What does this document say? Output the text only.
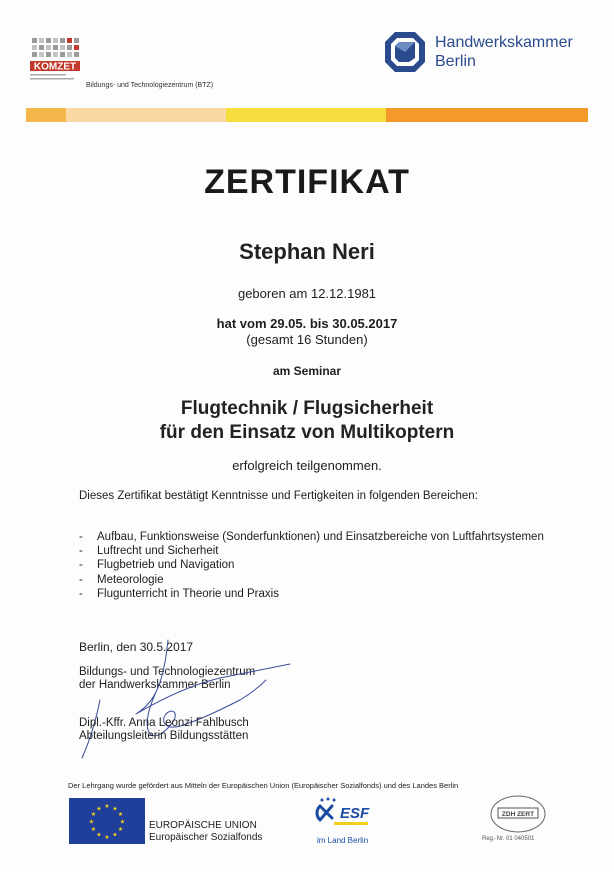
KOMZET
Bildungs- und Technologiezentrum (BTZ)
Handwerkskammer
Berlin
ZERTIFIKAT
Stephan Neri
geboren am 12.12.1981
hat vom 29.05. bis 30.05.2017
(gesamt 16 Stunden)
am Seminar
Flugtechnik / Flugsicherheit
für den Einsatz von Multikoptern
erfolgreich teilgenommen.
Dieses Zertifikat bestätigt Kenntnisse und Fertigkeiten in folgenden Bereichen:
- Aufbau, Funktionsweise (Sonderfunktionen) und Einsatzbereiche von Luftfahrtsystemen
- Luftrecht und Sicherheit
- Flugbetrieb und Navigation
- Meteorologie
- Flugunterricht in Theorie und Praxis
Berlin, den 30.5.2017
Bildungs- und Technologiezentrum
der Handwerkskammer Berlin
Dipl.-Kffr. Anna Leonzi Fahlbusch
Abteilungsleiterin Bildungsstätten
Der Lehrgang wurde gefördert aus Mitteln der Europäischen Union (Europäischer Sozialfonds) und des Landes Berlin
★ ★
★
★
★
★
★
★
★
★
★
★
EUROPÄISCHE UNION
Europäischer Sozialfonds
ESF
im Land Berlin
ZDH ZERT
Reg.-Nr. 01 040501
